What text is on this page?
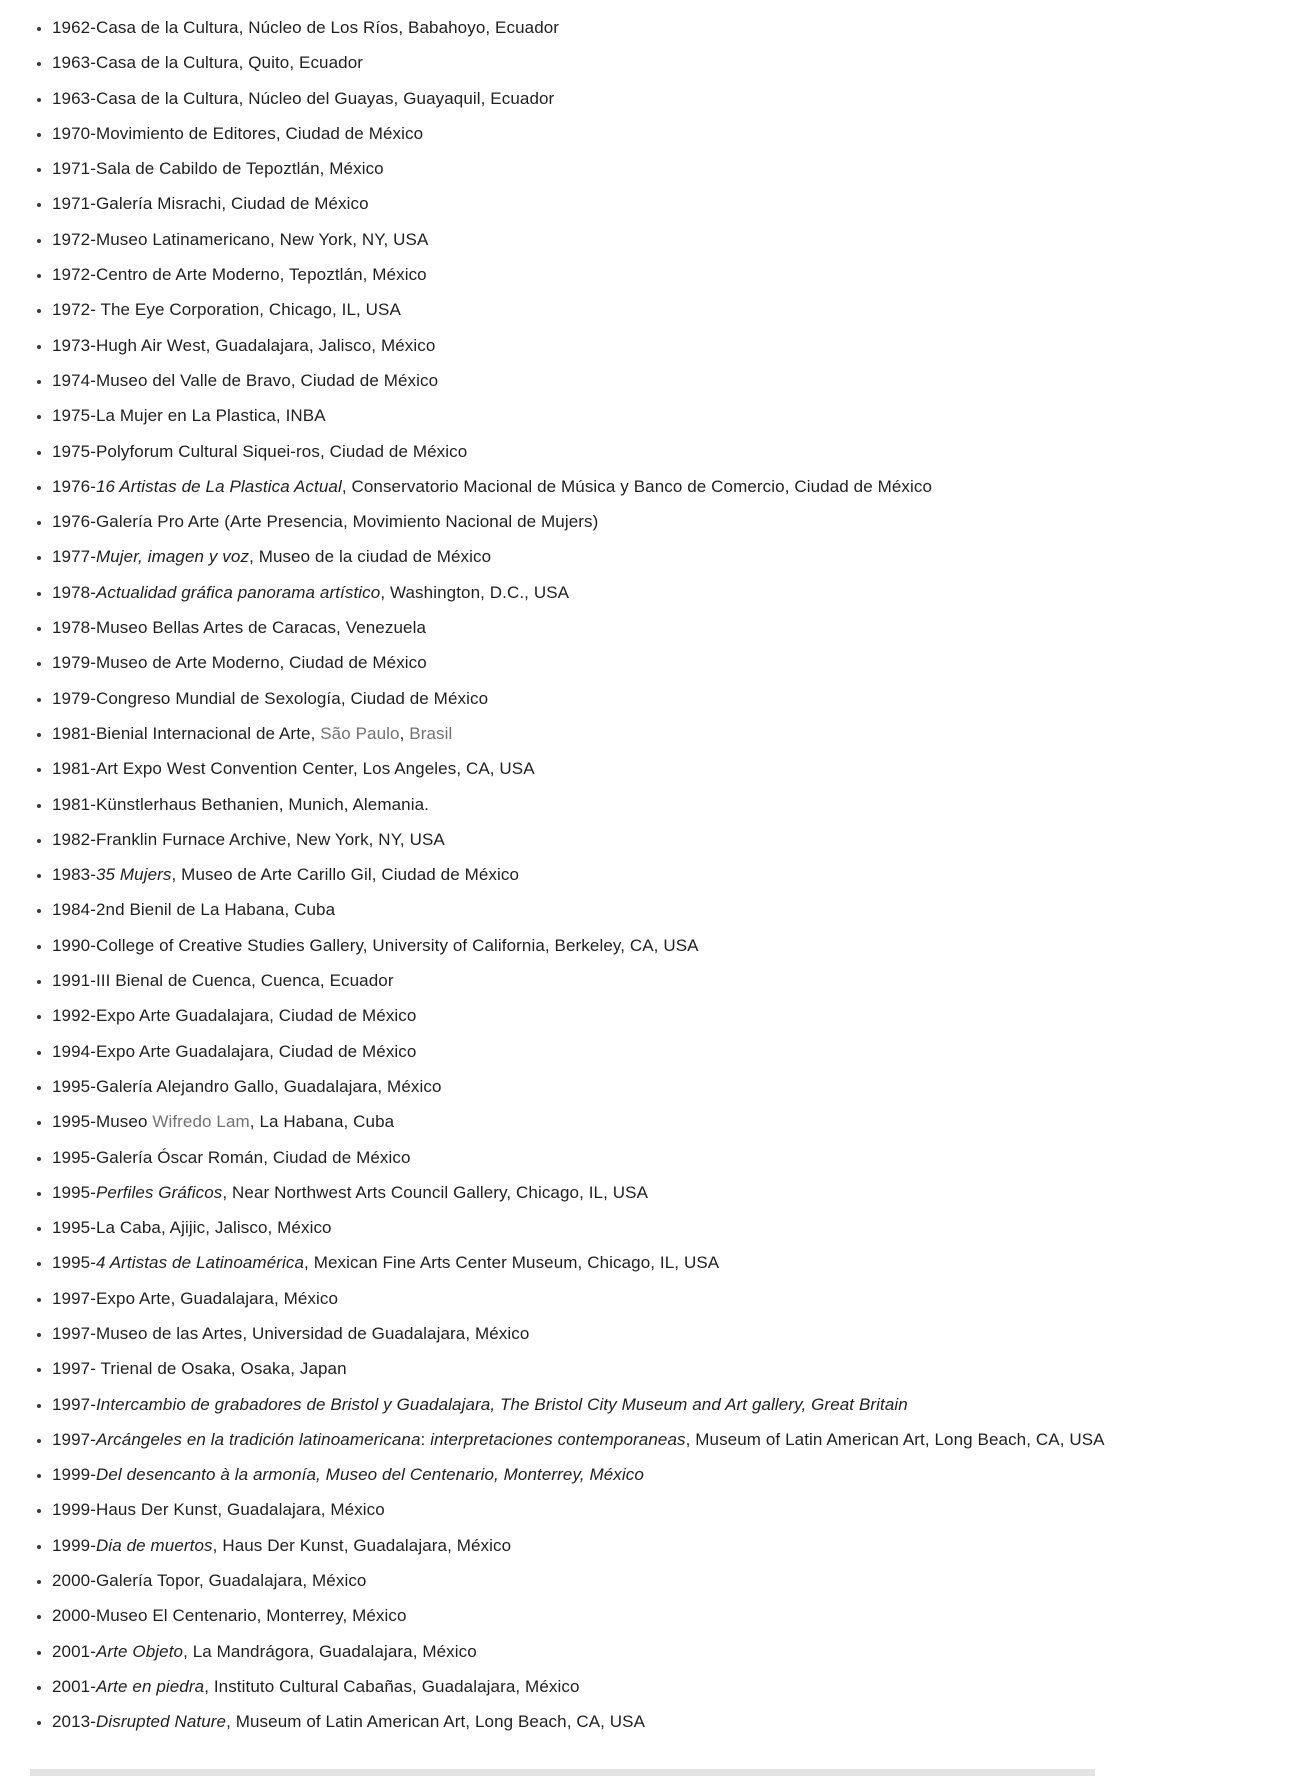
• 1962-Casa de la Cultura, Núcleo de Los Ríos, Babahoyo, Ecuador
• 1963-Casa de la Cultura, Quito, Ecuador
• 1963-Casa de la Cultura, Núcleo del Guayas, Guayaquil, Ecuador
• 1970-Movimiento de Editores, Ciudad de México
• 1971-Sala de Cabildo de Tepoztlán, México
• 1971-Galería Misrachi, Ciudad de México
• 1972-Museo Latinamericano, New York, NY, USA
• 1972-Centro de Arte Moderno, Tepoztlán, México
• 1972- The Eye Corporation, Chicago, IL, USA
• 1973-Hugh Air West, Guadalajara, Jalisco, México
• 1974-Museo del Valle de Bravo, Ciudad de México
• 1975-La Mujer en La Plastica, INBA
• 1975-Polyforum Cultural Siquei-ros, Ciudad de México
• 1976-16 Artistas de La Plastica Actual, Conservatorio Macional de Música y Banco de Comercio, Ciudad de México
• 1976-Galería Pro Arte (Arte Presencia, Movimiento Nacional de Mujers)
• 1977-Mujer, imagen y voz, Museo de la ciudad de México
• 1978-Actualidad gráfica panorama artístico, Washington, D.C., USA
• 1978-Museo Bellas Artes de Caracas, Venezuela
• 1979-Museo de Arte Moderno, Ciudad de México
• 1979-Congreso Mundial de Sexología, Ciudad de México
• 1981-Bienial Internacional de Arte, São Paulo, Brasil
• 1981-Art Expo West Convention Center, Los Angeles, CA, USA
• 1981-Künstlerhaus Bethanien, Munich, Alemania.
• 1982-Franklin Furnace Archive, New York, NY, USA
• 1983-35 Mujers, Museo de Arte Carillo Gil, Ciudad de México
• 1984-2nd Bienil de La Habana, Cuba
• 1990-College of Creative Studies Gallery, University of California, Berkeley, CA, USA
• 1991-III Bienal de Cuenca, Cuenca, Ecuador
• 1992-Expo Arte Guadalajara, Ciudad de México
• 1994-Expo Arte Guadalajara, Ciudad de México
• 1995-Galería Alejandro Gallo, Guadalajara, México
• 1995-Museo Wifredo Lam, La Habana, Cuba
• 1995-Galería Óscar Román, Ciudad de México
• 1995-Perfiles Gráficos, Near Northwest Arts Council Gallery, Chicago, IL, USA
• 1995-La Caba, Ajijic, Jalisco, México
• 1995-4 Artistas de Latinoamérica, Mexican Fine Arts Center Museum, Chicago, IL, USA
• 1997-Expo Arte, Guadalajara, México
• 1997-Museo de las Artes, Universidad de Guadalajara, México
• 1997- Trienal de Osaka, Osaka, Japan
• 1997-Intercambio de grabadores de Bristol y Guadalajara, The Bristol City Museum and Art gallery, Great Britain
• 1997-Arcángeles en la tradición latinoamericana: interpretaciones contemporaneas, Museum of Latin American Art, Long Beach, CA, USA
• 1999-Del desencanto à la armonía, Museo del Centenario, Monterrey, México
• 1999-Haus Der Kunst, Guadalajara, México
• 1999-Dia de muertos, Haus Der Kunst, Guadalajara, México
• 2000-Galería Topor, Guadalajara, México
• 2000-Museo El Centenario, Monterrey, México
• 2001-Arte Objeto, La Mandrágora, Guadalajara, México
• 2001-Arte en piedra, Instituto Cultural Cabañas, Guadalajara, México
• 2013-Disrupted Nature, Museum of Latin American Art, Long Beach, CA, USA
